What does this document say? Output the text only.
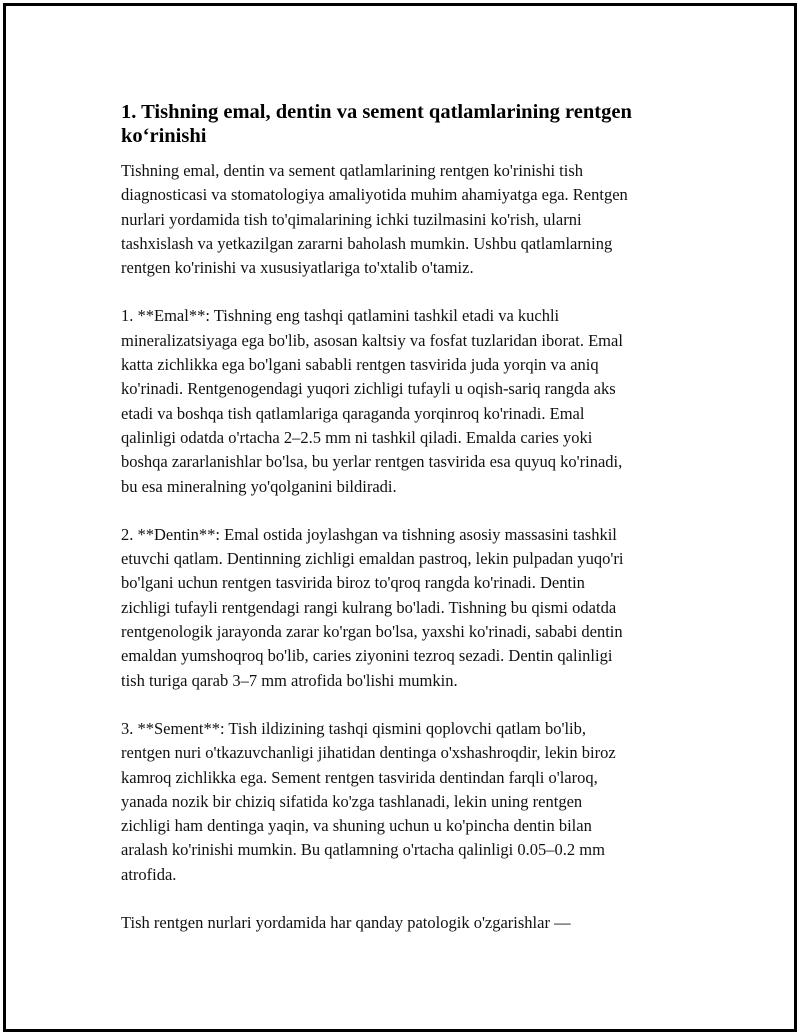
1. Tishning emal, dentin va sement qatlamlarining rentgen ko‘rinishi

Tishning emal, dentin va sement qatlamlarining rentgen ko'rinishi tish
diagnosticasi va stomatologiya amaliyotida muhim ahamiyatga ega. Rentgen
nurlari yordamida tish to'qimalarining ichki tuzilmasini ko'rish, ularni
tashxislash va yetkazilgan zararni baholash mumkin. Ushbu qatlamlarning
rentgen ko'rinishi va xususiyatlariga to'xtalib o'tamiz.

1. **Emal**: Tishning eng tashqi qatlamini tashkil etadi va kuchli
mineralizatsiyaga ega bo'lib, asosan kaltsiy va fosfat tuzlaridan iborat. Emal
katta zichlikka ega bo'lgani sababli rentgen tasvirida juda yorqin va aniq
ko'rinadi. Rentgenogendagi yuqori zichligi tufayli u oqish-sariq rangda aks
etadi va boshqa tish qatlamlariga qaraganda yorqinroq ko'rinadi. Emal
qalinligi odatda o'rtacha 2–2.5 mm ni tashkil qiladi. Emalda caries yoki
boshqa zararlanishlar bo'lsa, bu yerlar rentgen tasvirida esa quyuq ko'rinadi,
bu esa mineralning yo'qolganini bildiradi.

2. **Dentin**: Emal ostida joylashgan va tishning asosiy massasini tashkil
etuvchi qatlam. Dentinning zichligi emaldan pastroq, lekin pulpadan yuqo'ri
bo'lgani uchun rentgen tasvirida biroz to'qroq rangda ko'rinadi. Dentin
zichligi tufayli rentgendagi rangi kulrang bo'ladi. Tishning bu qismi odatda
rentgenologik jarayonda zarar ko'rgan bo'lsa, yaxshi ko'rinadi, sababi dentin
emaldan yumshoqroq bo'lib, caries ziyonini tezroq sezadi. Dentin qalinligi
tish turiga qarab 3–7 mm atrofida bo'lishi mumkin.

3. **Sement**: Tish ildizining tashqi qismini qoplovchi qatlam bo'lib,
rentgen nuri o'tkazuvchanligi jihatidan dentinga o'xshashroqdir, lekin biroz
kamroq zichlikka ega. Sement rentgen tasvirida dentindan farqli o'laroq,
yanada nozik bir chiziq sifatida ko'zga tashlanadi, lekin uning rentgen
zichligi ham dentinga yaqin, va shuning uchun u ko'pincha dentin bilan
aralash ko'rinishi mumkin. Bu qatlamning o'rtacha qalinligi 0.05–0.2 mm
atrofida.

Tish rentgen nurlari yordamida har qanday patologik o'zgarishlar —
